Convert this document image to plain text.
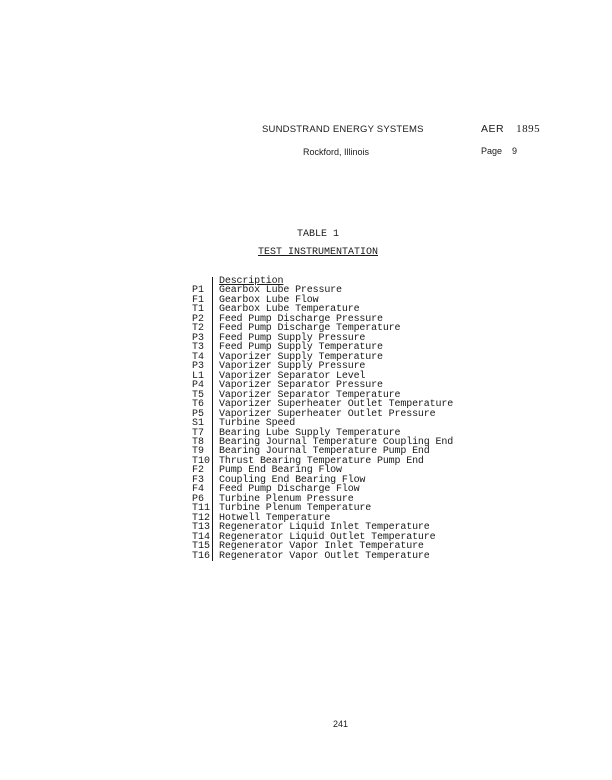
SUNDSTRAND ENERGY SYSTEMS
Rockford, Illinois
AER 1895
Page 9
TABLE 1
TEST INSTRUMENTATION
Description
P1	Gearbox Lube Pressure
F1	Gearbox Lube Flow
T1	Gearbox Lube Temperature
P2	Feed Pump Discharge Pressure
T2	Feed Pump Discharge Temperature
P3	Feed Pump Supply Pressure
T3	Feed Pump Supply Temperature
T4	Vaporizer Supply Temperature
P3	Vaporizer Supply Pressure
L1	Vaporizer Separator Level
P4	Vaporizer Separator Pressure
T5	Vaporizer Separator Temperature
T6	Vaporizer Superheater Outlet Temperature
P5	Vaporizer Superheater Outlet Pressure
S1	Turbine Speed
T7	Bearing Lube Supply Temperature
T8	Bearing Journal Temperature Coupling End
T9	Bearing Journal Temperature Pump End
T10 Thrust Bearing Temperature Pump End
F2	Pump End Bearing Flow
F3	Coupling End Bearing Flow
F4	Feed Pump Discharge Flow
P6	Turbine Plenum Pressure
T11 Turbine Plenum Temperature
T12 Hotwell Temperature
T13 Regenerator Liquid Inlet Temperature
T14 Regenerator Liquid Outlet Temperature
T15 Regenerator Vapor Inlet Temperature
T16 Regenerator Vapor Outlet Temperature
241
